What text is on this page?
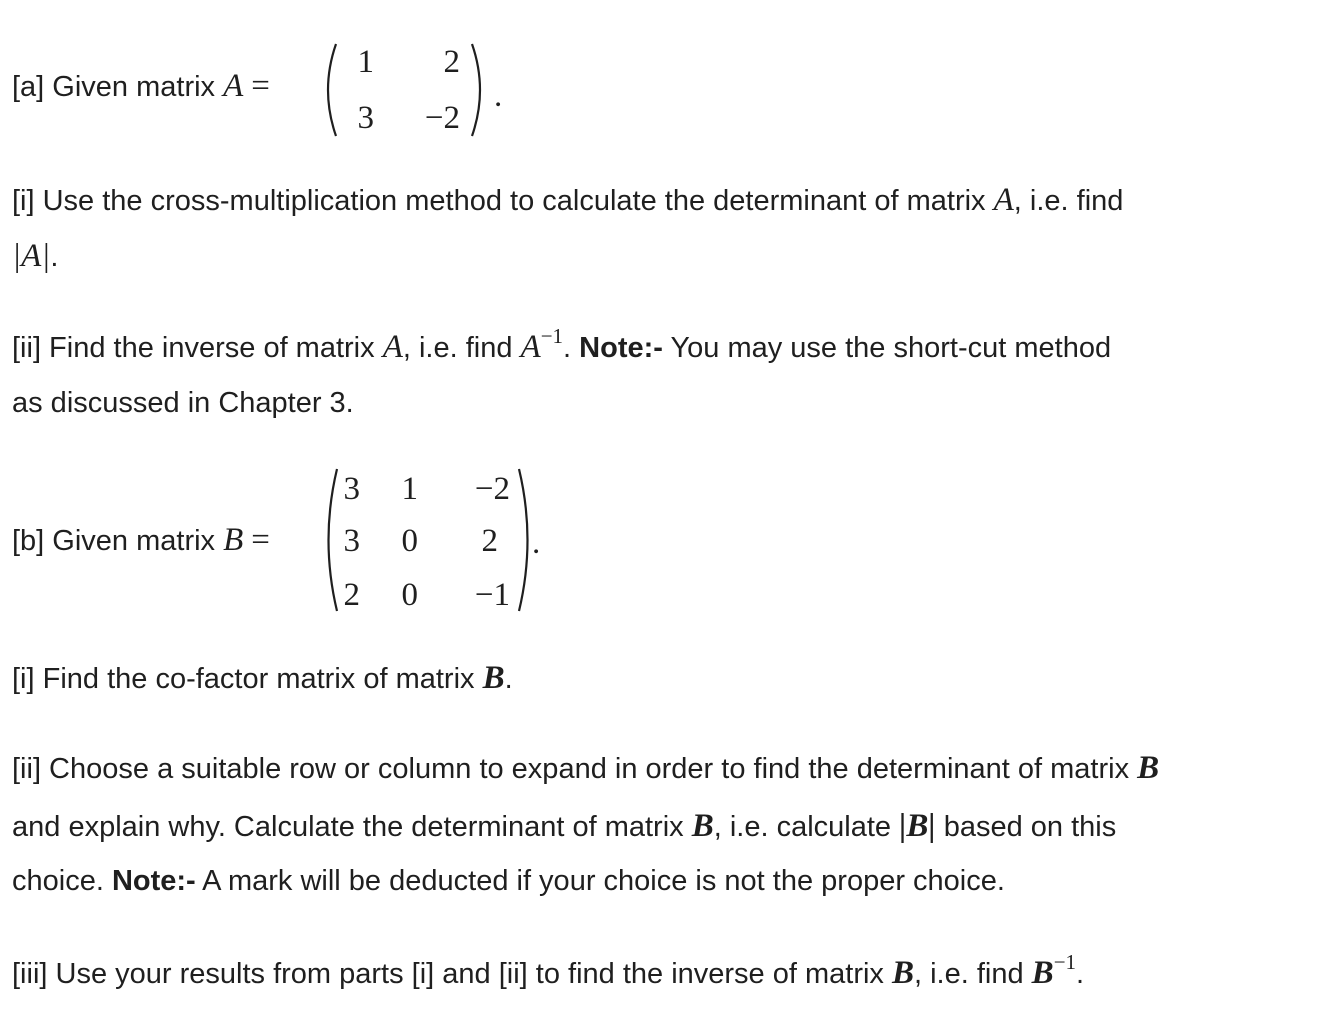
[a] Given matrix A =
1	2
3	−2
.
[i] Use the cross-multiplication method to calculate the determinant of matrix A, i.e. find
|A|.
[ii] Find the inverse of matrix A, i.e. find $A^{-1}$. Note:- You may use the short-cut method
as discussed in Chapter 3.
[b] Given matrix B =
3 1	−2
3 0	2
2 0	−1
.
[i] Find the co-factor matrix of matrix B.
[ii] Choose a suitable row or column to expand in order to find the determinant of matrix B
and explain why. Calculate the determinant of matrix B, i.e. calculate |B| based on this
choice. Note:- A mark will be deducted if your choice is not the proper choice.
[iii] Use your results from parts [i] and [ii] to find the inverse of matrix B, i.e. find $B^{-1}$.
